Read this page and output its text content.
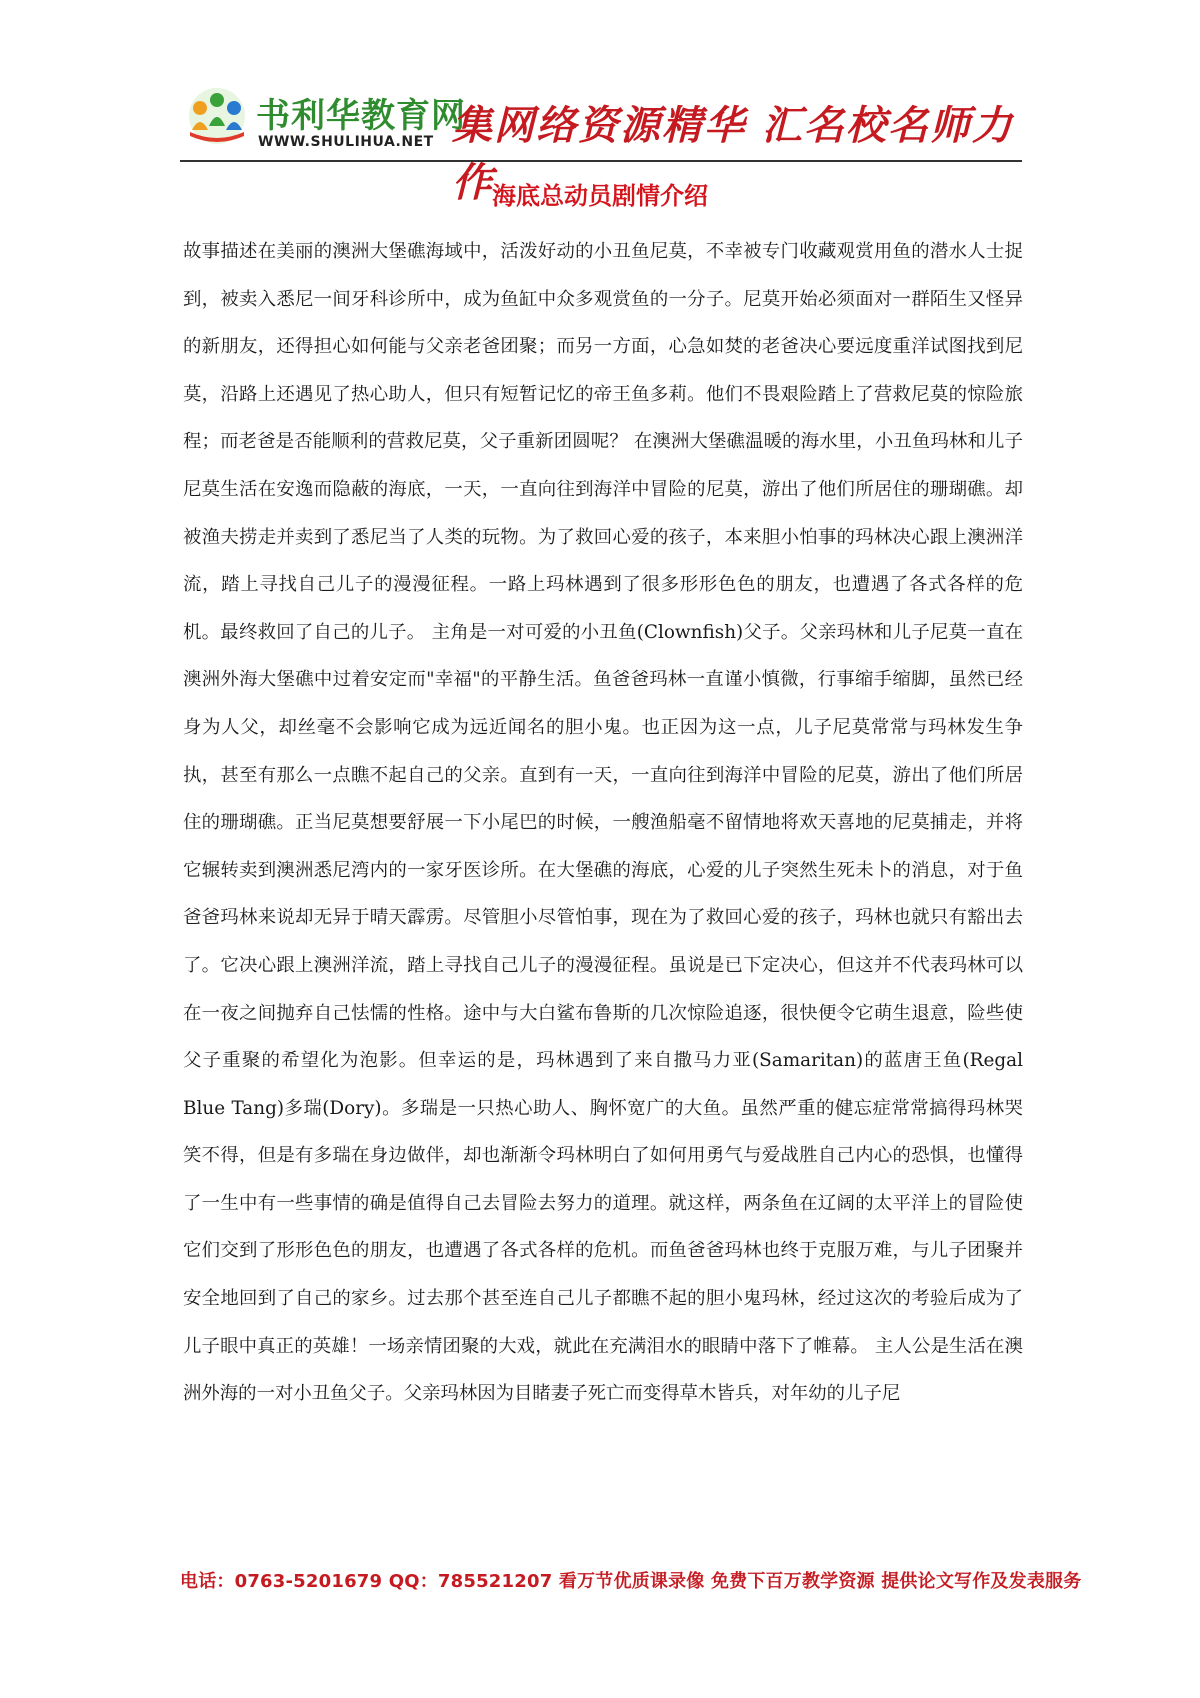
书利华教育网
WWW.SHULIHUA.NET 集网络资源精华 汇名校名师力作
海底总动员剧情介绍

故事描述在美丽的澳洲大堡礁海域中，活泼好动的小丑鱼尼莫，不幸被专门收藏观赏用鱼的潜水人士捉到，被卖入悉尼一间牙科诊所中，成为鱼缸中众多观赏鱼的一分子。尼莫开始必须面对一群陌生又怪异的新朋友，还得担心如何能与父亲老爸团聚；而另一方面，心急如焚的老爸决心要远度重洋试图找到尼莫，沿路上还遇见了热心助人，但只有短暂记忆的帝王鱼多莉。他们不畏艰险踏上了营救尼莫的惊险旅程；而老爸是否能顺利的营救尼莫，父子重新团圆呢？ 在澳洲大堡礁温暖的海水里，小丑鱼玛林和儿子尼莫生活在安逸而隐蔽的海底，一天，一直向往到海洋中冒险的尼莫，游出了他们所居住的珊瑚礁。却被渔夫捞走并卖到了悉尼当了人类的玩物。为了救回心爱的孩子，本来胆小怕事的玛林决心跟上澳洲洋流，踏上寻找自己儿子的漫漫征程。一路上玛林遇到了很多形形色色的朋友，也遭遇了各式各样的危机。最终救回了自己的儿子。 主角是一对可爱的小丑鱼(Clownfish)父子。父亲玛林和儿子尼莫一直在澳洲外海大堡礁中过着安定而"幸福"的平静生活。鱼爸爸玛林一直谨小慎微，行事缩手缩脚，虽然已经身为人父，却丝毫不会影响它成为远近闻名的胆小鬼。也正因为这一点，儿子尼莫常常与玛林发生争执，甚至有那么一点瞧不起自己的父亲。直到有一天，一直向往到海洋中冒险的尼莫，游出了他们所居住的珊瑚礁。正当尼莫想要舒展一下小尾巴的时候，一艘渔船毫不留情地将欢天喜地的尼莫捕走，并将它辗转卖到澳洲悉尼湾内的一家牙医诊所。在大堡礁的海底，心爱的儿子突然生死未卜的消息，对于鱼爸爸玛林来说却无异于晴天霹雳。尽管胆小尽管怕事，现在为了救回心爱的孩子，玛林也就只有豁出去了。它决心跟上澳洲洋流，踏上寻找自己儿子的漫漫征程。虽说是已下定决心，但这并不代表玛林可以在一夜之间抛弃自己怯懦的性格。途中与大白鲨布鲁斯的几次惊险追逐，很快便令它萌生退意，险些使父子重聚的希望化为泡影。但幸运的是，玛林遇到了来自撒马力亚(Samaritan)的蓝唐王鱼(Regal Blue Tang)多瑞(Dory)。多瑞是一只热心助人、胸怀宽广的大鱼。虽然严重的健忘症常常搞得玛林哭笑不得，但是有多瑞在身边做伴，却也渐渐令玛林明白了如何用勇气与爱战胜自己内心的恐惧，也懂得了一生中有一些事情的确是值得自己去冒险去努力的道理。就这样，两条鱼在辽阔的太平洋上的冒险使它们交到了形形色色的朋友，也遭遇了各式各样的危机。而鱼爸爸玛林也终于克服万难，与儿子团聚并安全地回到了自己的家乡。过去那个甚至连自己儿子都瞧不起的胆小鬼玛林，经过这次的考验后成为了儿子眼中真正的英雄！一场亲情团聚的大戏，就此在充满泪水的眼睛中落下了帷幕。 主人公是生活在澳洲外海的一对小丑鱼父子。父亲玛林因为目睹妻子死亡而变得草木皆兵，对年幼的儿子尼

电话：0763-5201679 QQ：785521207 看万节优质课录像 免费下百万教学资源 提供论文写作及发表服务
